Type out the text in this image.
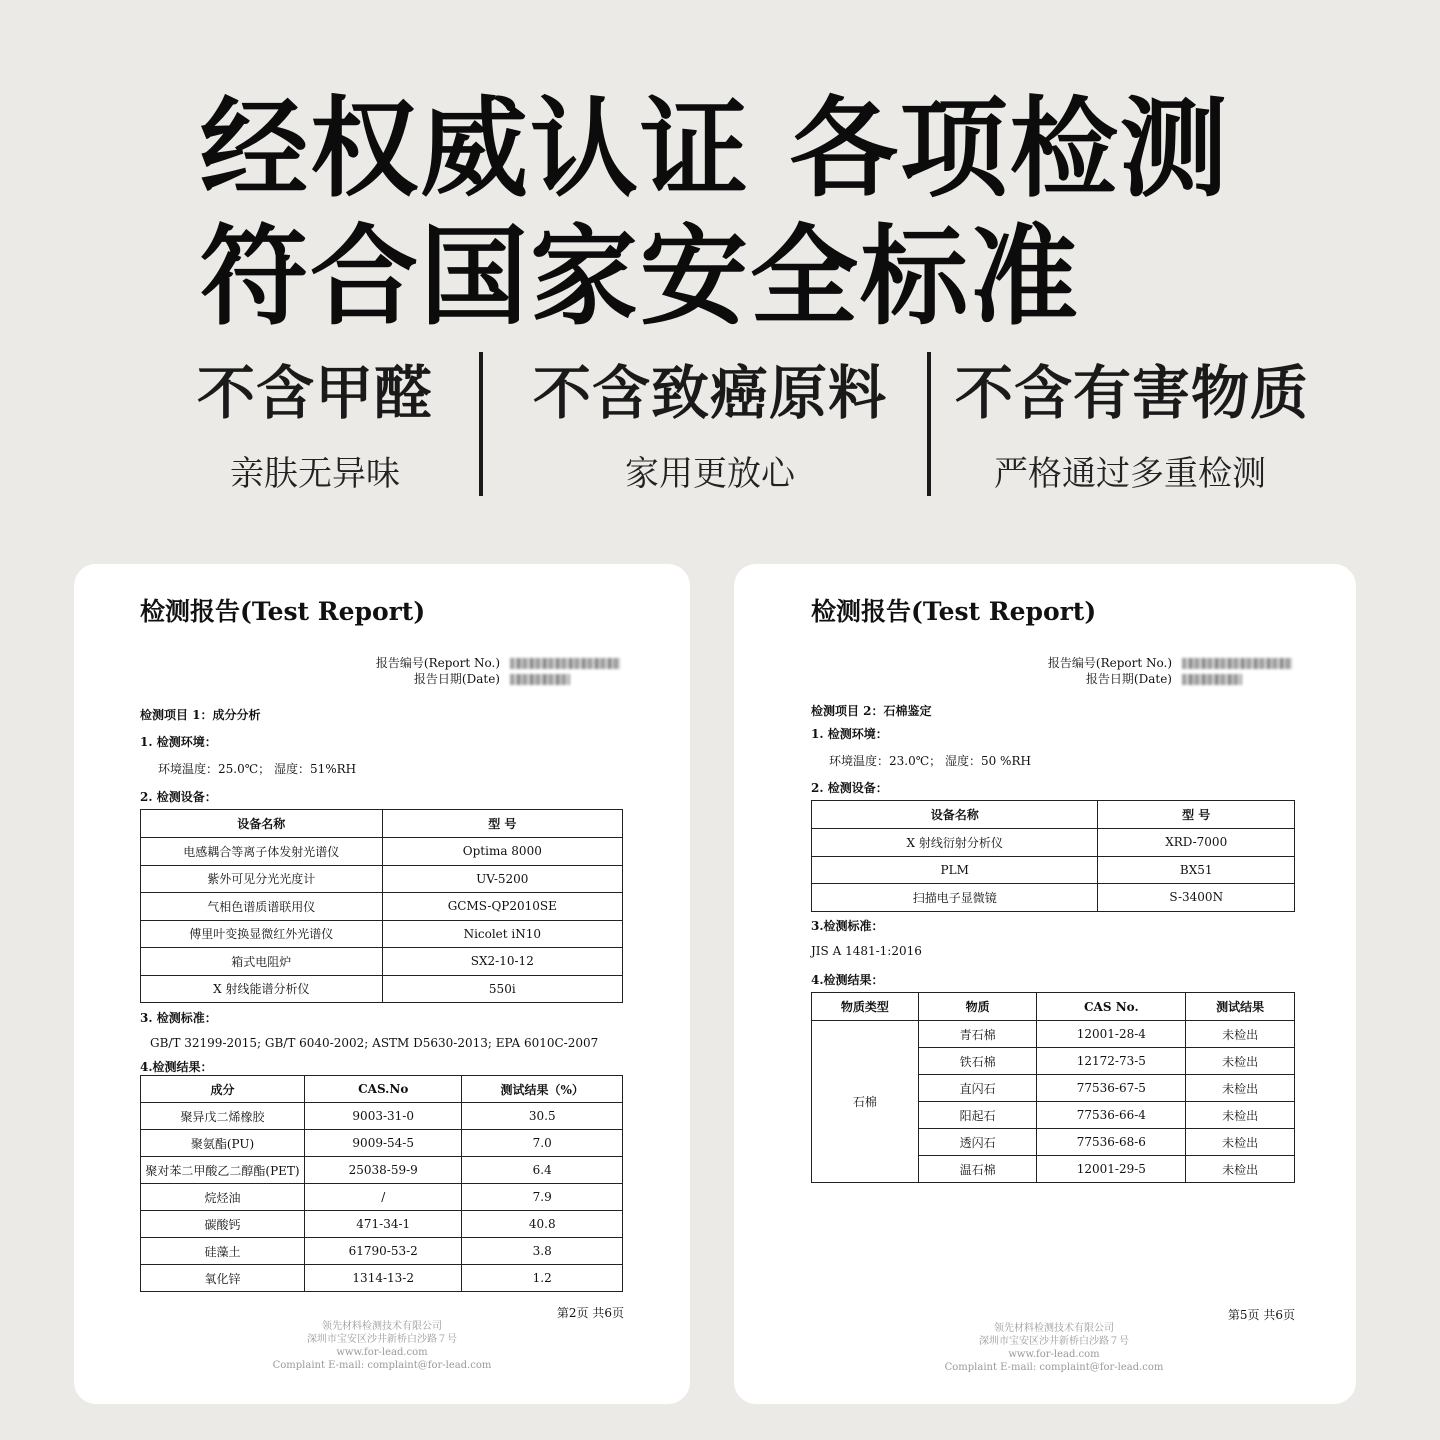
经权威认证 各项检测
符合国家安全标准
不含甲醛
亲肤无异味
不含致癌原料
家用更放心
不含有害物质
严格通过多重检测
检测报告(Test Report)
报告编号(Report No.)
报告日期(Date)
检测项目 1：成分分析
1. 检测环境：
环境温度：25.0℃； 湿度：51%RH
2. 检测设备：
设备名称	型 号
电感耦合等离子体发射光谱仪	Optima 8000
紫外可见分光光度计	UV-5200
气相色谱质谱联用仪	GCMS-QP2010SE
傅里叶变换显微红外光谱仪	Nicolet iN10
箱式电阻炉	SX2-10-12
X 射线能谱分析仪	550i
3. 检测标准：
GB/T 32199-2015; GB/T 6040-2002; ASTM D5630-2013; EPA 6010C-2007
4.检测结果：
成分	CAS.No	测试结果（%）
聚异戊二烯橡胶	9003-31-0	30.5
聚氨酯(PU)	9009-54-5	7.0
聚对苯二甲酸乙二醇酯(PET)	25038-59-9	6.4
烷烃油	/	7.9
碳酸钙	471-34-1	40.8
硅藻土	61790-53-2	3.8
氧化锌	1314-13-2	1.2
第2页 共6页
领先材料检测技术有限公司
深圳市宝安区沙井新桥白沙路７号
www.for-lead.com
Complaint E-mail: complaint@for-lead.com
检测报告(Test Report)
报告编号(Report No.)
报告日期(Date)
检测项目 2：石棉鉴定
1. 检测环境：
环境温度：23.0℃； 湿度：50 %RH
2. 检测设备：
设备名称	型 号
X 射线衍射分析仪	XRD-7000
PLM	BX51
扫描电子显微镜	S-3400N
3.检测标准：
JIS A 1481-1:2016
4.检测结果：
物质类型	物质	CAS No.	测试结果
石棉	青石棉	12001-28-4	未检出
	铁石棉	12172-73-5	未检出
	直闪石	77536-67-5	未检出
	阳起石	77536-66-4	未检出
	透闪石	77536-68-6	未检出
	温石棉	12001-29-5	未检出
第5页 共6页
领先材料检测技术有限公司
深圳市宝安区沙井新桥白沙路７号
www.for-lead.com
Complaint E-mail: complaint@for-lead.com
